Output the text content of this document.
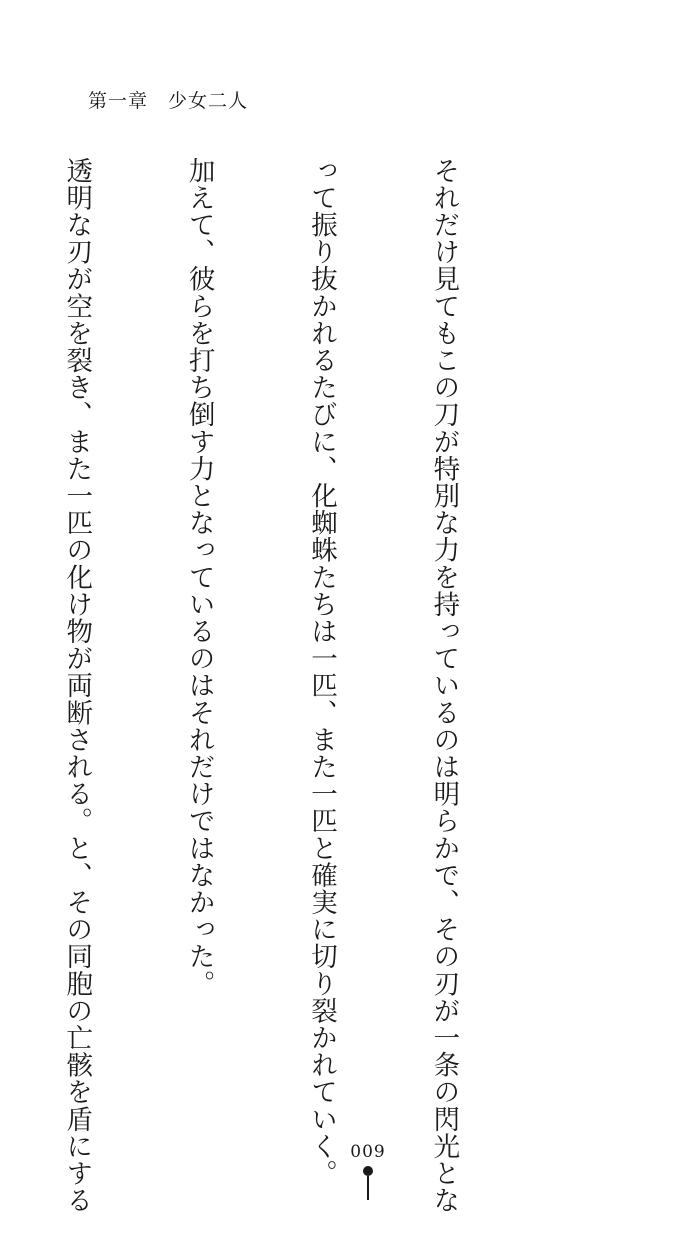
第一章　 少女二人

それだけ見てもこの刀が特別な力を持っているのは明らかで、その刃が一条の閃光とな

って振り抜かれるたびに、化蜘蛛たちは一匹、また一匹と確実に切り裂かれていく。

加えて、彼らを打ち倒す力となっているのはそれだけではなかった。

透明な刃が空を裂き、また一匹の化け物が両断される。と、その同胞の亡骸を盾にする

	009
